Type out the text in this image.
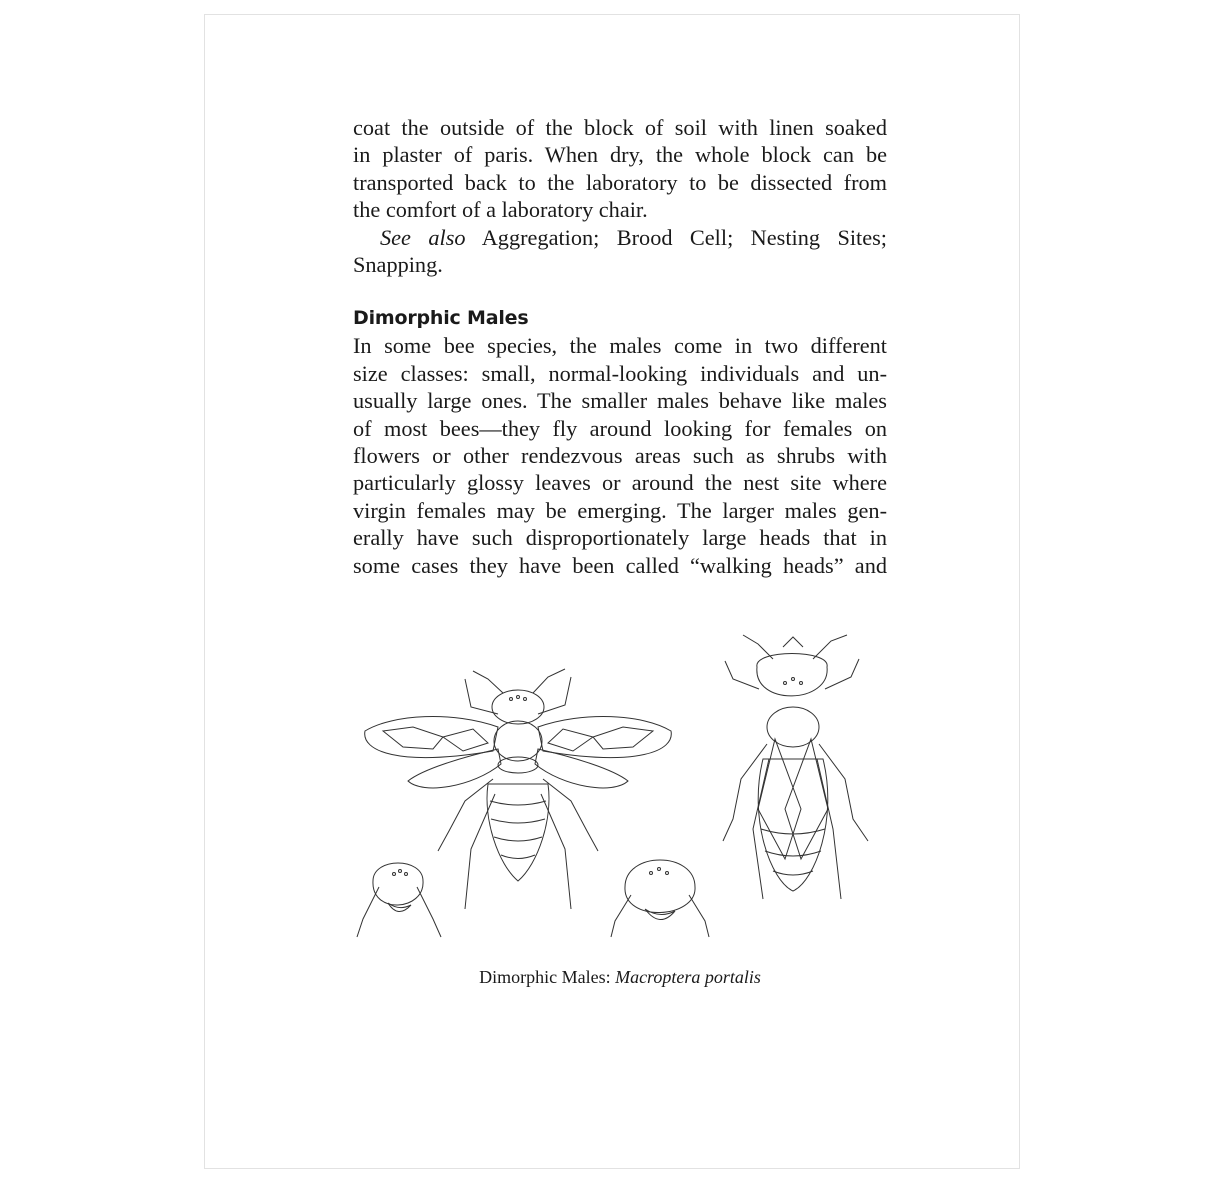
coat the outside of the block of soil with linen soaked
in plaster of paris. When dry, the whole block can be
transported back to the laboratory to be dissected from
the comfort of a laboratory chair.
See also Aggregation; Brood Cell; Nesting Sites;
Snapping.
Dimorphic Males
In some bee species, the males come in two different
size classes: small, normal-looking individuals and un-
usually large ones. The smaller males behave like males
of most bees—they fly around looking for females on
flowers or other rendezvous areas such as shrubs with
particularly glossy leaves or around the nest site where
virgin females may be emerging. The larger males gen-
erally have such disproportionately large heads that in
some cases they have been called “walking heads” and
Dimorphic Males: Macroptera portalis
